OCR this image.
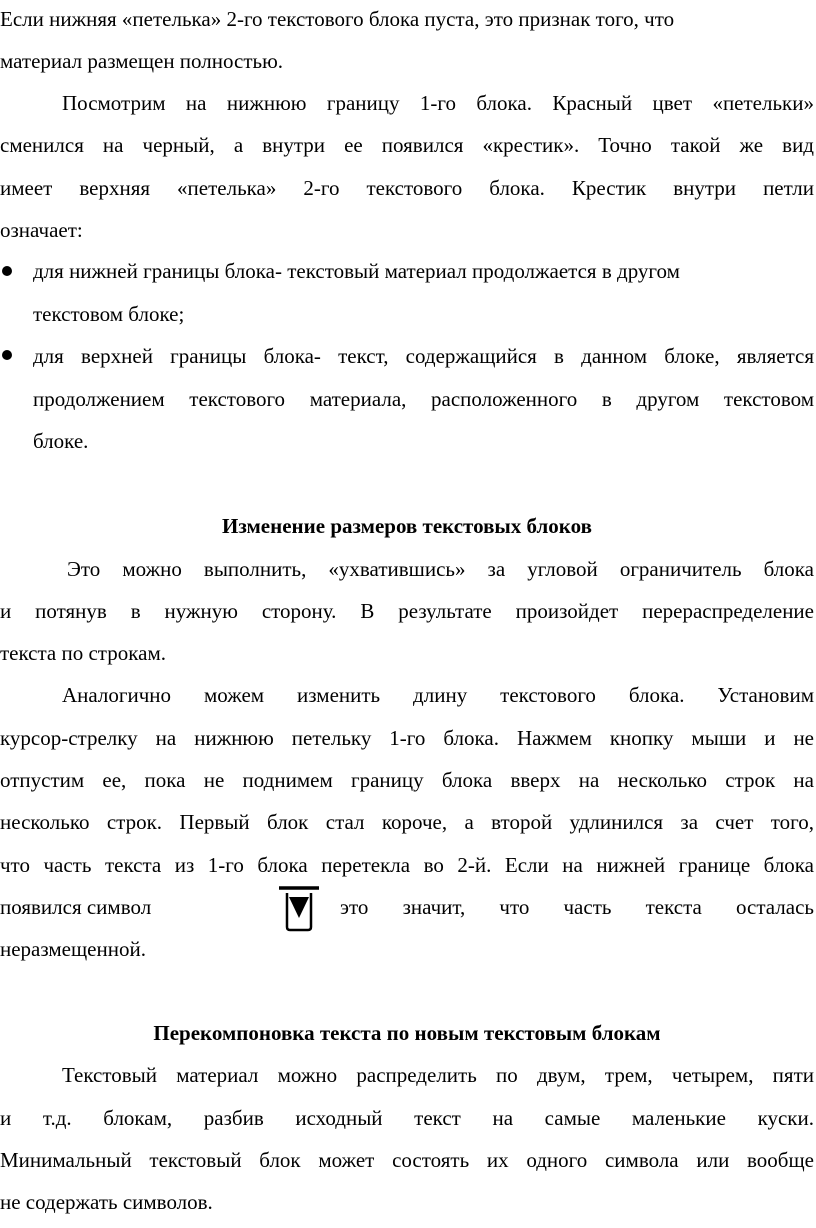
Если нижняя «петелька» 2-го текстового блока пуста, это признак того, что
материал размещен полностью.
Посмотрим на нижнюю границу 1-го блока. Красный цвет «петельки»
сменился на черный, а внутри ее появился «крестик». Точно такой же вид
имеет верхняя «петелька» 2-го текстового блока. Крестик внутри петли
означает:
для нижней границы блока- текстовый материал продолжается в другом
текстовом блоке;
для верхней границы блока- текст, содержащийся в данном блоке, является
продолжением текстового материала, расположенного в другом текстовом
блоке.
Изменение размеров текстовых блоков
Это можно выполнить, «ухватившись» за угловой ограничитель блока
и потянув в нужную сторону. В результате произойдет перераспределение
текста по строкам.
Аналогично можем изменить длину текстового блока. Установим
курсор-стрелку на нижнюю петельку 1-го блока. Нажмем кнопку мыши и не
отпустим ее, пока не поднимем границу блока вверх на несколько строк на
несколько строк. Первый блок стал короче, а второй удлинился за счет того,
что часть текста из 1-го блока перетекла во 2-й. Если на нижней границе блока
появился символ	это значит, что часть текста осталась
неразмещенной.
Перекомпоновка текста по новым текстовым блокам
Текстовый материал можно распределить по двум, трем, четырем, пяти
и т.д. блокам, разбив исходный текст на самые маленькие куски.
Минимальный текстовый блок может состоять их одного символа или вообще
не содержать символов.
